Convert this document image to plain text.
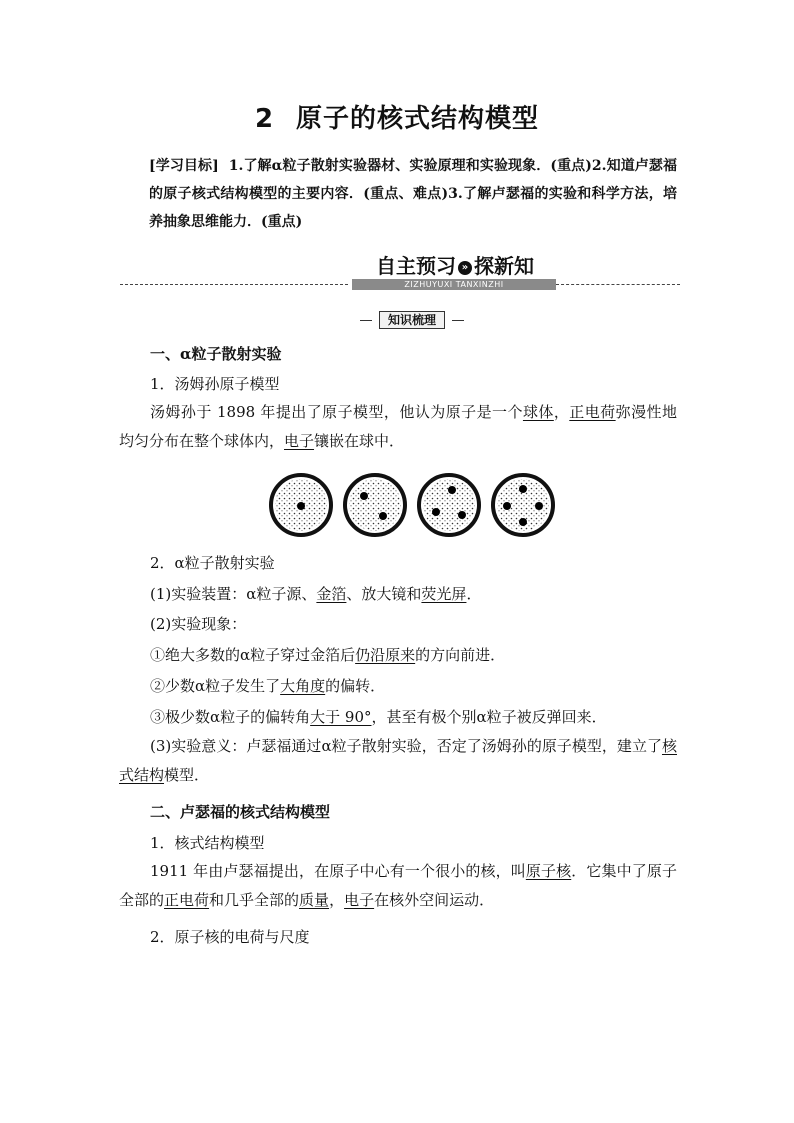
2 原子的核式结构模型
[学习目标] 1.了解α粒子散射实验器材、实验原理和实验现象．(重点)2.知道卢瑟福的原子核式结构模型的主要内容．(重点、难点)3.了解卢瑟福的实验和科学方法，培养抽象思维能力．(重点)
自主预习 » 探新知
ZIZHUYUXI TANXINZHI
知识梳理
一、α粒子散射实验
1．汤姆孙原子模型
汤姆孙于 1898 年提出了原子模型，他认为原子是一个球体，正电荷弥漫性地均匀分布在整个球体内，电子镶嵌在球中．
2．α粒子散射实验
(1)实验装置：α粒子源、金箔、放大镜和荧光屏．
(2)实验现象：
①绝大多数的α粒子穿过金箔后仍沿原来的方向前进．
②少数α粒子发生了大角度的偏转．
③极少数α粒子的偏转角大于 90°，甚至有极个别α粒子被反弹回来．
(3)实验意义：卢瑟福通过α粒子散射实验，否定了汤姆孙的原子模型，建立了核式结构模型．
二、卢瑟福的核式结构模型
1．核式结构模型
1911 年由卢瑟福提出，在原子中心有一个很小的核，叫原子核．它集中了原子全部的正电荷和几乎全部的质量，电子在核外空间运动．
2．原子核的电荷与尺度
